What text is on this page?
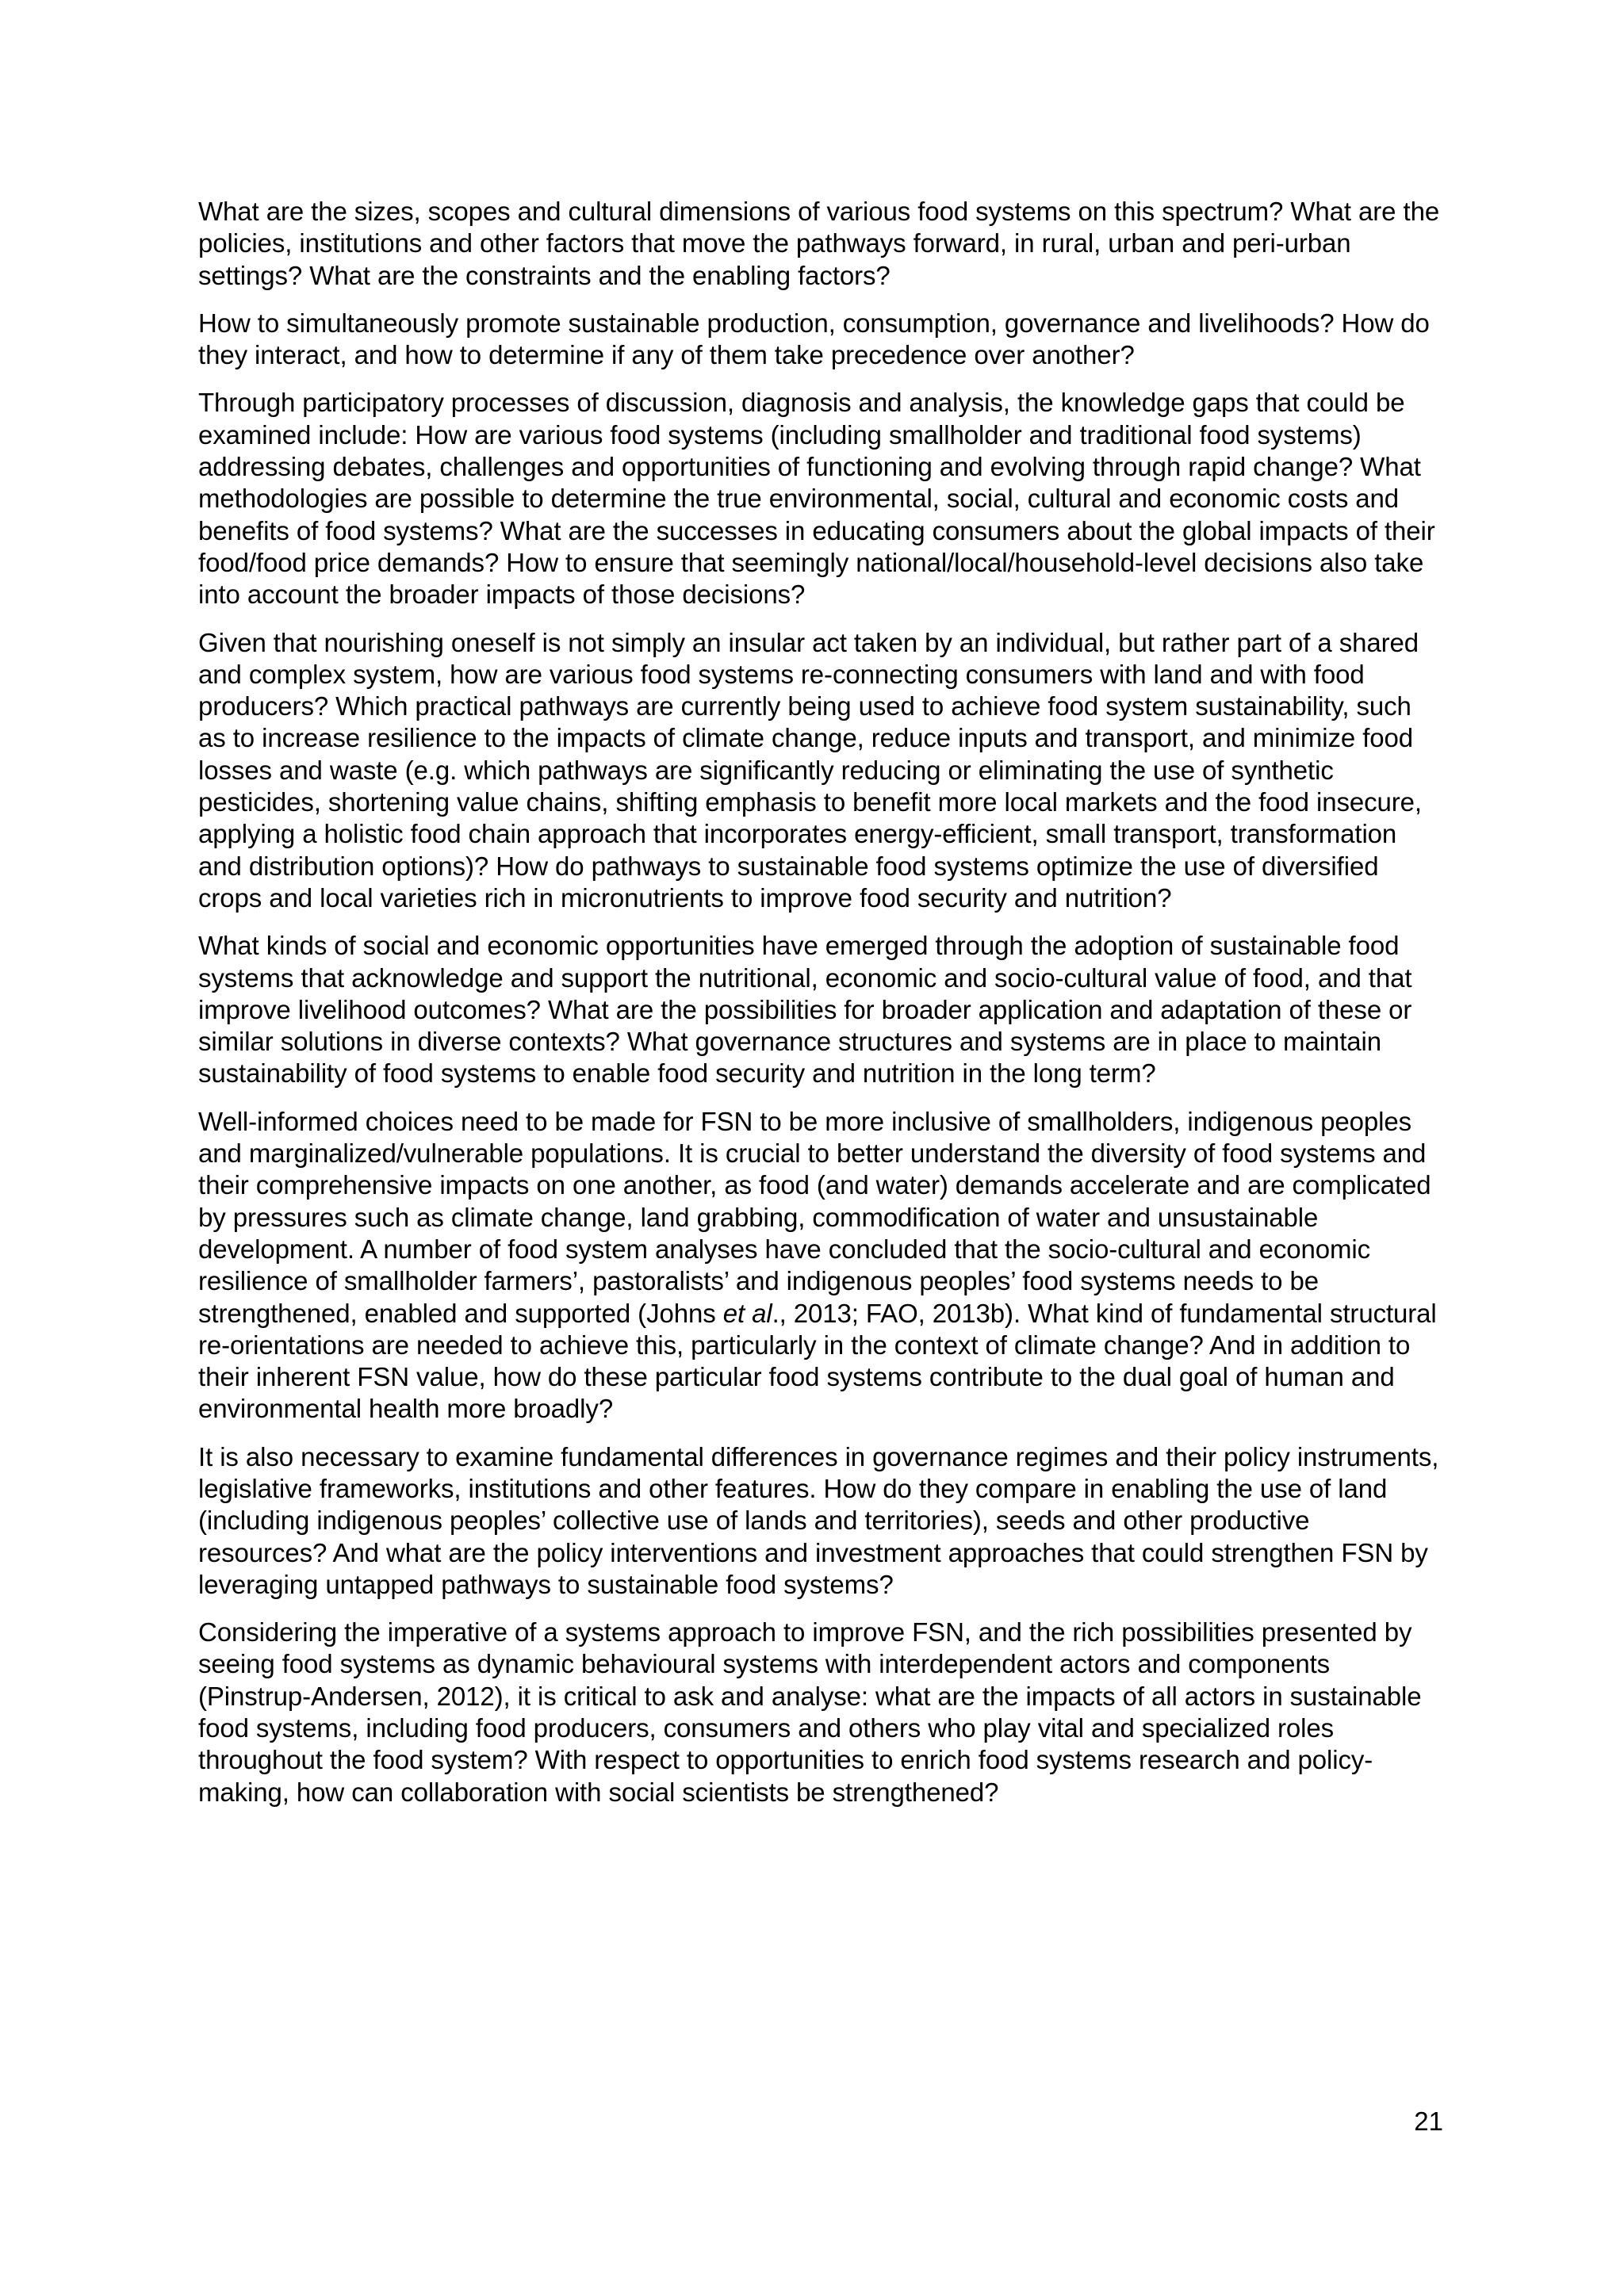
What are the sizes, scopes and cultural dimensions of various food systems on this spectrum? What are the policies, institutions and other factors that move the pathways forward, in rural, urban and peri-urban settings? What are the constraints and the enabling factors?

How to simultaneously promote sustainable production, consumption, governance and livelihoods? How do they interact, and how to determine if any of them take precedence over another?

Through participatory processes of discussion, diagnosis and analysis, the knowledge gaps that could be examined include: How are various food systems (including smallholder and traditional food systems) addressing debates, challenges and opportunities of functioning and evolving through rapid change? What methodologies are possible to determine the true environmental, social, cultural and economic costs and benefits of food systems? What are the successes in educating consumers about the global impacts of their food/food price demands? How to ensure that seemingly national/local/household-level decisions also take into account the broader impacts of those decisions?

Given that nourishing oneself is not simply an insular act taken by an individual, but rather part of a shared and complex system, how are various food systems re-connecting consumers with land and with food producers? Which practical pathways are currently being used to achieve food system sustainability, such as to increase resilience to the impacts of climate change, reduce inputs and transport, and minimize food losses and waste (e.g. which pathways are significantly reducing or eliminating the use of synthetic pesticides, shortening value chains, shifting emphasis to benefit more local markets and the food insecure, applying a holistic food chain approach that incorporates energy-efficient, small transport, transformation and distribution options)? How do pathways to sustainable food systems optimize the use of diversified crops and local varieties rich in micronutrients to improve food security and nutrition?

What kinds of social and economic opportunities have emerged through the adoption of sustainable food systems that acknowledge and support the nutritional, economic and socio-cultural value of food, and that improve livelihood outcomes? What are the possibilities for broader application and adaptation of these or similar solutions in diverse contexts? What governance structures and systems are in place to maintain sustainability of food systems to enable food security and nutrition in the long term?

Well-informed choices need to be made for FSN to be more inclusive of smallholders, indigenous peoples and marginalized/vulnerable populations. It is crucial to better understand the diversity of food systems and their comprehensive impacts on one another, as food (and water) demands accelerate and are complicated by pressures such as climate change, land grabbing, commodification of water and unsustainable development. A number of food system analyses have concluded that the socio-cultural and economic resilience of smallholder farmers’, pastoralists’ and indigenous peoples’ food systems needs to be strengthened, enabled and supported (Johns et al., 2013; FAO, 2013b). What kind of fundamental structural re-orientations are needed to achieve this, particularly in the context of climate change? And in addition to their inherent FSN value, how do these particular food systems contribute to the dual goal of human and environmental health more broadly?

It is also necessary to examine fundamental differences in governance regimes and their policy instruments, legislative frameworks, institutions and other features. How do they compare in enabling the use of land (including indigenous peoples’ collective use of lands and territories), seeds and other productive resources? And what are the policy interventions and investment approaches that could strengthen FSN by leveraging untapped pathways to sustainable food systems?

Considering the imperative of a systems approach to improve FSN, and the rich possibilities presented by seeing food systems as dynamic behavioural systems with interdependent actors and components (Pinstrup-Andersen, 2012), it is critical to ask and analyse: what are the impacts of all actors in sustainable food systems, including food producers, consumers and others who play vital and specialized roles throughout the food system? With respect to opportunities to enrich food systems research and policy-making, how can collaboration with social scientists be strengthened?

21
